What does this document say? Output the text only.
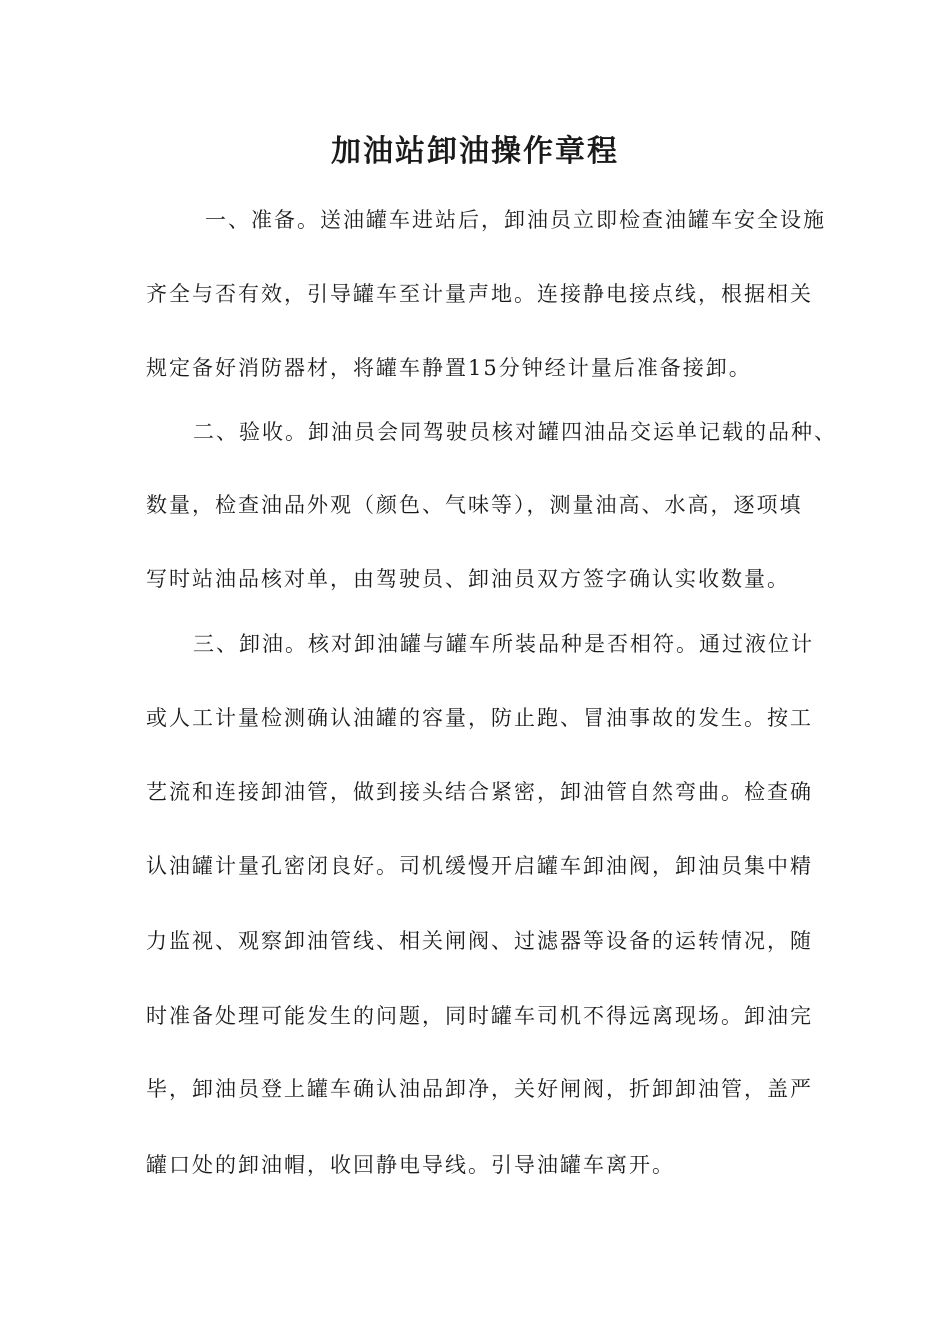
加油站卸油操作章程
一、准备。送油罐车进站后，卸油员立即检查油罐车安全设施
齐全与否有效，引导罐车至计量声地。连接静电接点线，根据相关
规定备好消防器材，将罐车静置15分钟经计量后准备接卸。
二、验收。卸油员会同驾驶员核对罐四油品交运单记载的品种、
数量，检查油品外观（颜色、气味等），测量油高、水高，逐项填
写时站油品核对单，由驾驶员、卸油员双方签字确认实收数量。
三、卸油。核对卸油罐与罐车所装品种是否相符。通过液位计
或人工计量检测确认油罐的容量，防止跑、冒油事故的发生。按工
艺流和连接卸油管，做到接头结合紧密，卸油管自然弯曲。检查确
认油罐计量孔密闭良好。司机缓慢开启罐车卸油阀，卸油员集中精
力监视、观察卸油管线、相关闸阀、过滤器等设备的运转情况，随
时准备处理可能发生的问题，同时罐车司机不得远离现场。卸油完
毕，卸油员登上罐车确认油品卸净，关好闸阀，折卸卸油管，盖严
罐口处的卸油帽，收回静电导线。引导油罐车离开。
